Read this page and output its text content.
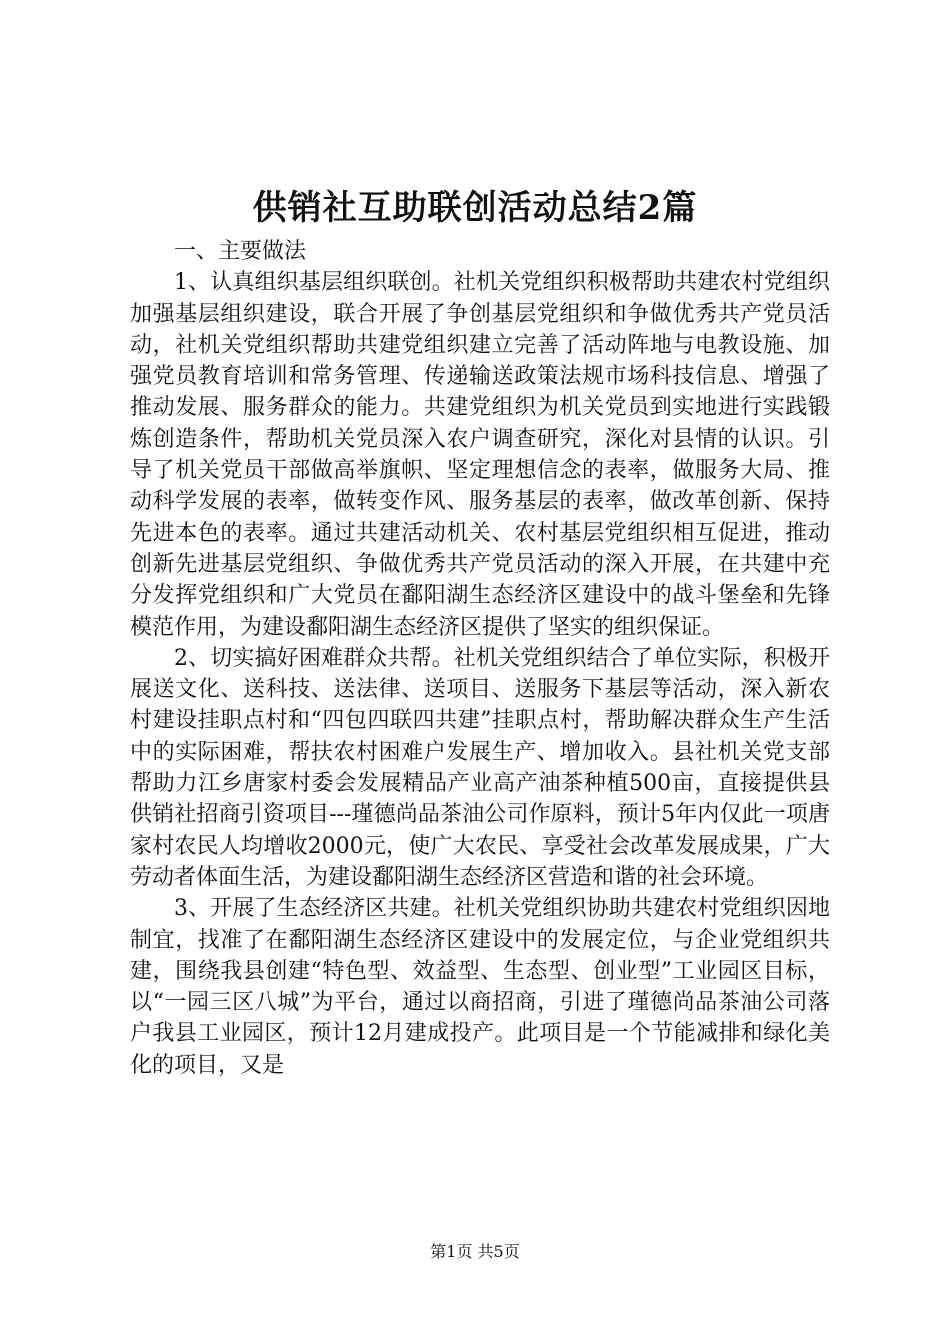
供销社互助联创活动总结2篇

一、主要做法

1、认真组织基层组织联创。社机关党组织积极帮助共建农村党组织加强基层组织建设，联合开展了争创基层党组织和争做优秀共产党员活动，社机关党组织帮助共建党组织建立完善了活动阵地与电教设施、加强党员教育培训和常务管理、传递输送政策法规市场科技信息、增强了推动发展、服务群众的能力。共建党组织为机关党员到实地进行实践锻炼创造条件，帮助机关党员深入农户调查研究，深化对县情的认识。引导了机关党员干部做高举旗帜、坚定理想信念的表率，做服务大局、推动科学发展的表率，做转变作风、服务基层的表率，做改革创新、保持先进本色的表率。通过共建活动机关、农村基层党组织相互促进，推动创新先进基层党组织、争做优秀共产党员活动的深入开展，在共建中充分发挥党组织和广大党员在鄱阳湖生态经济区建设中的战斗堡垒和先锋模范作用，为建设鄱阳湖生态经济区提供了坚实的组织保证。

2、切实搞好困难群众共帮。社机关党组织结合了单位实际，积极开展送文化、送科技、送法律、送项目、送服务下基层等活动，深入新农村建设挂职点村和“四包四联四共建”挂职点村，帮助解决群众生产生活中的实际困难，帮扶农村困难户发展生产、增加收入。县社机关党支部帮助力江乡唐家村委会发展精品产业高产油茶种植500亩，直接提供县供销社招商引资项目---瑾德尚品茶油公司作原料，预计5年内仅此一项唐家村农民人均增收2000元，使广大农民、享受社会改革发展成果，广大劳动者体面生活，为建设鄱阳湖生态经济区营造和谐的社会环境。

3、开展了生态经济区共建。社机关党组织协助共建农村党组织因地制宜，找准了在鄱阳湖生态经济区建设中的发展定位，与企业党组织共建，围绕我县创建“特色型、效益型、生态型、创业型”工业园区目标，以“一园三区八城”为平台，通过以商招商，引进了瑾德尚品茶油公司落户我县工业园区，预计12月建成投产。此项目是一个节能减排和绿化美化的项目，又是

第1页 共5页
